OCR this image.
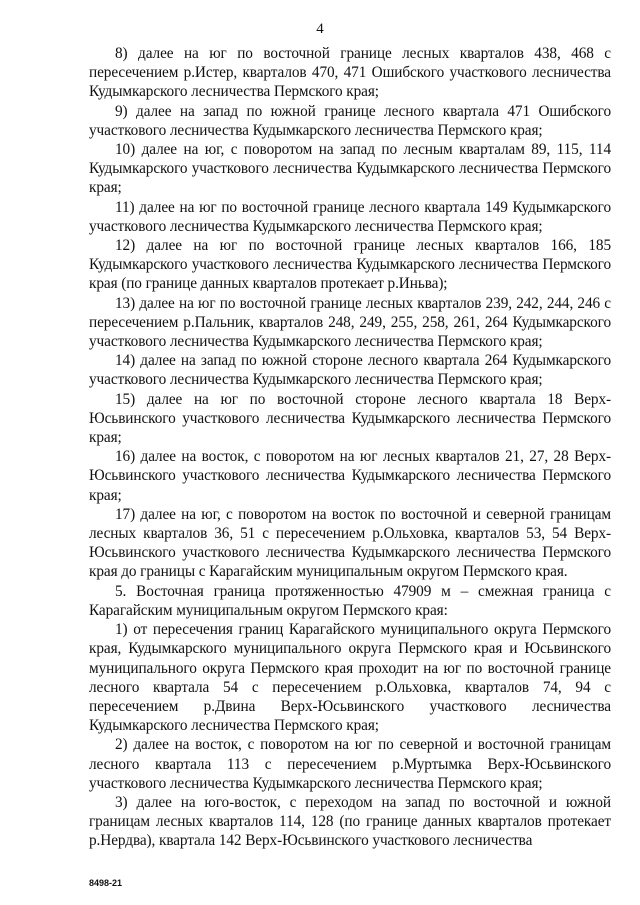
4

8) далее на юг по восточной границе лесных кварталов 438, 468 с пересечением р.Истер, кварталов 470, 471 Ошибского участкового лесничества Кудымкарского лесничества Пермского края;

9) далее на запад по южной границе лесного квартала 471 Ошибского участкового лесничества Кудымкарского лесничества Пермского края;

10) далее на юг, с поворотом на запад по лесным кварталам 89, 115, 114 Кудымкарского участкового лесничества Кудымкарского лесничества Пермского края;

11) далее на юг по восточной границе лесного квартала 149 Кудымкарского участкового лесничества Кудымкарского лесничества Пермского края;

12) далее на юг по восточной границе лесных кварталов 166, 185 Кудымкарского участкового лесничества Кудымкарского лесничества Пермского края (по границе данных кварталов протекает р.Иньва);

13) далее на юг по восточной границе лесных кварталов 239, 242, 244, 246 с пересечением р.Пальник, кварталов 248, 249, 255, 258, 261, 264 Кудымкарского участкового лесничества Кудымкарского лесничества Пермского края;

14) далее на запад по южной стороне лесного квартала 264 Кудымкарского участкового лесничества Кудымкарского лесничества Пермского края;

15) далее на юг по восточной стороне лесного квартала 18 Верх-Юсьвинского участкового лесничества Кудымкарского лесничества Пермского края;

16) далее на восток, с поворотом на юг лесных кварталов 21, 27, 28 Верх-Юсьвинского участкового лесничества Кудымкарского лесничества Пермского края;

17) далее на юг, с поворотом на восток по восточной и северной границам лесных кварталов 36, 51 с пересечением р.Ольховка, кварталов 53, 54 Верх-Юсьвинского участкового лесничества Кудымкарского лесничества Пермского края до границы с Карагайским муниципальным округом Пермского края.

5. Восточная граница протяженностью 47909 м – смежная граница с Карагайским муниципальным округом Пермского края:

1) от пересечения границ Карагайского муниципального округа Пермского края, Кудымкарского муниципального округа Пермского края и Юсьвинского муниципального округа Пермского края проходит на юг по восточной границе лесного квартала 54 с пересечением р.Ольховка, кварталов 74, 94 с пересечением р.Двина Верх-Юсьвинского участкового лесничества Кудымкарского лесничества Пермского края;

2) далее на восток, с поворотом на юг по северной и восточной границам лесного квартала 113 с пересечением р.Муртымка Верх-Юсьвинского участкового лесничества Кудымкарского лесничества Пермского края;

3) далее на юго-восток, с переходом на запад по восточной и южной границам лесных кварталов 114, 128 (по границе данных кварталов протекает р.Нердва), квартала 142 Верх-Юсьвинского участкового лесничества

8498-21
